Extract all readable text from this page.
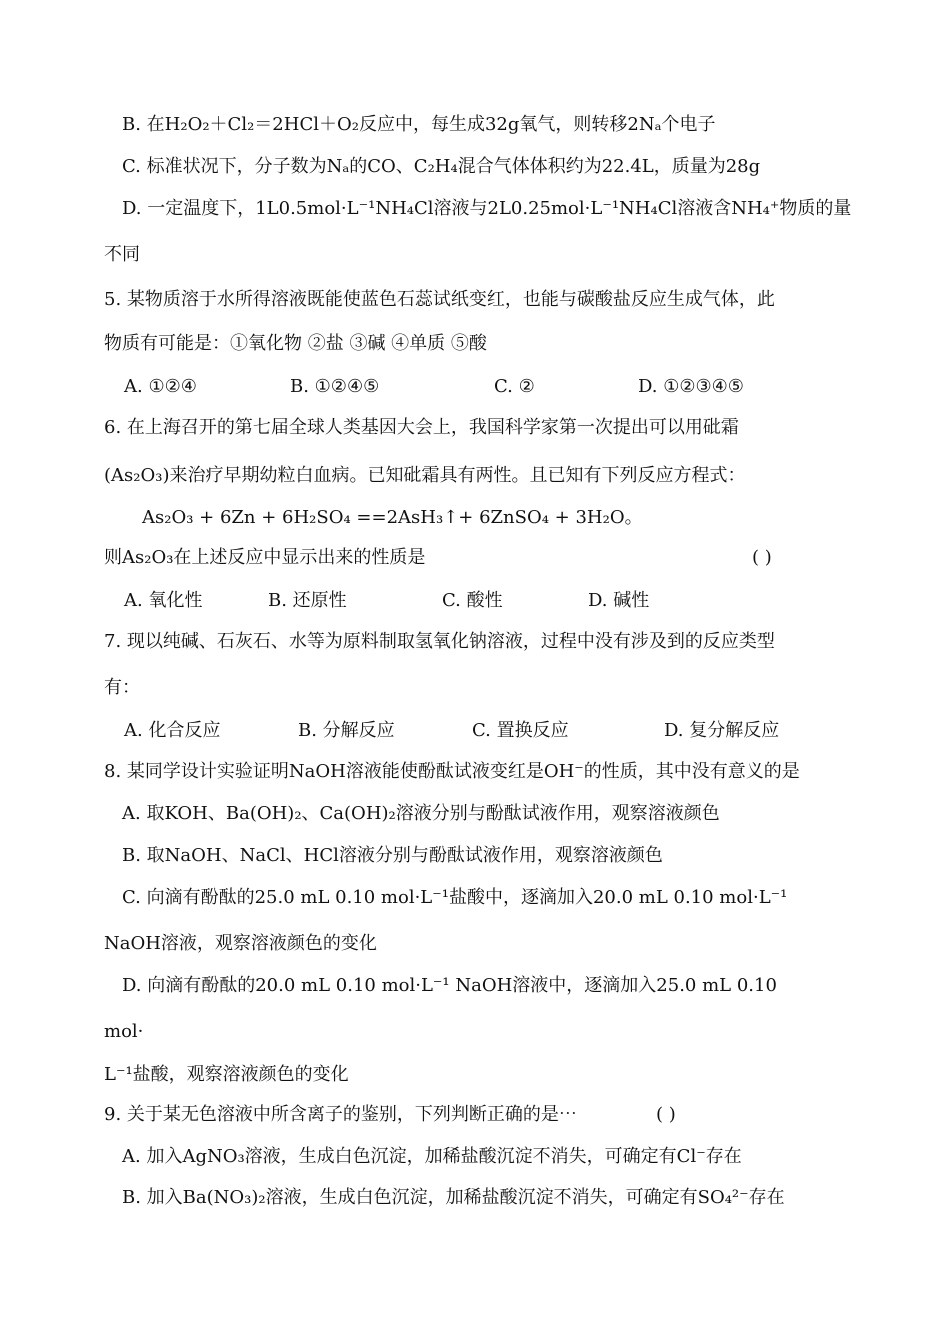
B. 在H₂O₂＋Cl₂＝2HCl＋O₂反应中，每生成32g氧气，则转移2Nₐ个电子
C. 标准状况下，分子数为Nₐ的CO、C₂H₄混合气体体积约为22.4L，质量为28g
D. 一定温度下，1L0.5mol·L⁻¹NH₄Cl溶液与2L0.25mol·L⁻¹NH₄Cl溶液含NH₄⁺物质的量
不同
5. 某物质溶于水所得溶液既能使蓝色石蕊试纸变红，也能与碳酸盐反应生成气体，此
物质有可能是：①氧化物 ②盐 ③碱 ④单质 ⑤酸
A. ①②④	B. ①②④⑤	C. ②	D. ①②③④⑤
6. 在上海召开的第七届全球人类基因大会上，我国科学家第一次提出可以用砒霜
(As₂O₃)来治疗早期幼粒白血病。已知砒霜具有两性。且已知有下列反应方程式：
As₂O₃ + 6Zn + 6H₂SO₄ ==2AsH₃↑+ 6ZnSO₄ + 3H₂O。
则As₂O₃在上述反应中显示出来的性质是	( )
A. 氧化性	B. 还原性	C. 酸性	D. 碱性
7. 现以纯碱、石灰石、水等为原料制取氢氧化钠溶液，过程中没有涉及到的反应类型
有：
A. 化合反应	B. 分解反应	C. 置换反应	D. 复分解反应
8. 某同学设计实验证明NaOH溶液能使酚酞试液变红是OH⁻的性质，其中没有意义的是
A. 取KOH、Ba(OH)₂、Ca(OH)₂溶液分别与酚酞试液作用，观察溶液颜色
B. 取NaOH、NaCl、HCl溶液分别与酚酞试液作用，观察溶液颜色
C. 向滴有酚酞的25.0 mL 0.10 mol·L⁻¹盐酸中，逐滴加入20.0 mL 0.10 mol·L⁻¹
NaOH溶液，观察溶液颜色的变化
D. 向滴有酚酞的20.0 mL 0.10 mol·L⁻¹ NaOH溶液中，逐滴加入25.0 mL 0.10
mol·
L⁻¹盐酸，观察溶液颜色的变化
9. 关于某无色溶液中所含离子的鉴别，下列判断正确的是⋯	( )
A. 加入AgNO₃溶液，生成白色沉淀，加稀盐酸沉淀不消失，可确定有Cl⁻存在
B. 加入Ba(NO₃)₂溶液，生成白色沉淀，加稀盐酸沉淀不消失，可确定有SO₄²⁻存在
